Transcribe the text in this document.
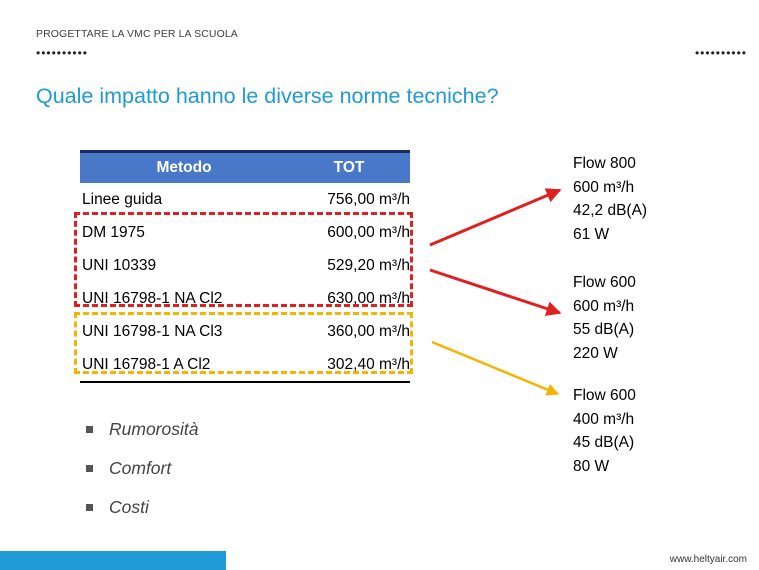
PROGETTARE LA VMC PER LA SCUOLA
••••••••••	••••••••••
Quale impatto hanno le diverse norme tecniche?
Metodo	TOT
Linee guida	756,00 m³/h
DM 1975	600,00 m³/h
UNI 10339	529,20 m³/h
UNI 16798-1 NA Cl2	630,00 m³/h
UNI 16798-1 NA Cl3	360,00 m³/h
UNI 16798-1 A Cl2	302,40 m³/h
Flow 800
600 m³/h
42,2 dB(A)
61 W
Flow 600
600 m³/h
55 dB(A)
220 W
Flow 600
400 m³/h
45 dB(A)
80 W
Rumorosità
Comfort
Costi
www.heltyair.com
